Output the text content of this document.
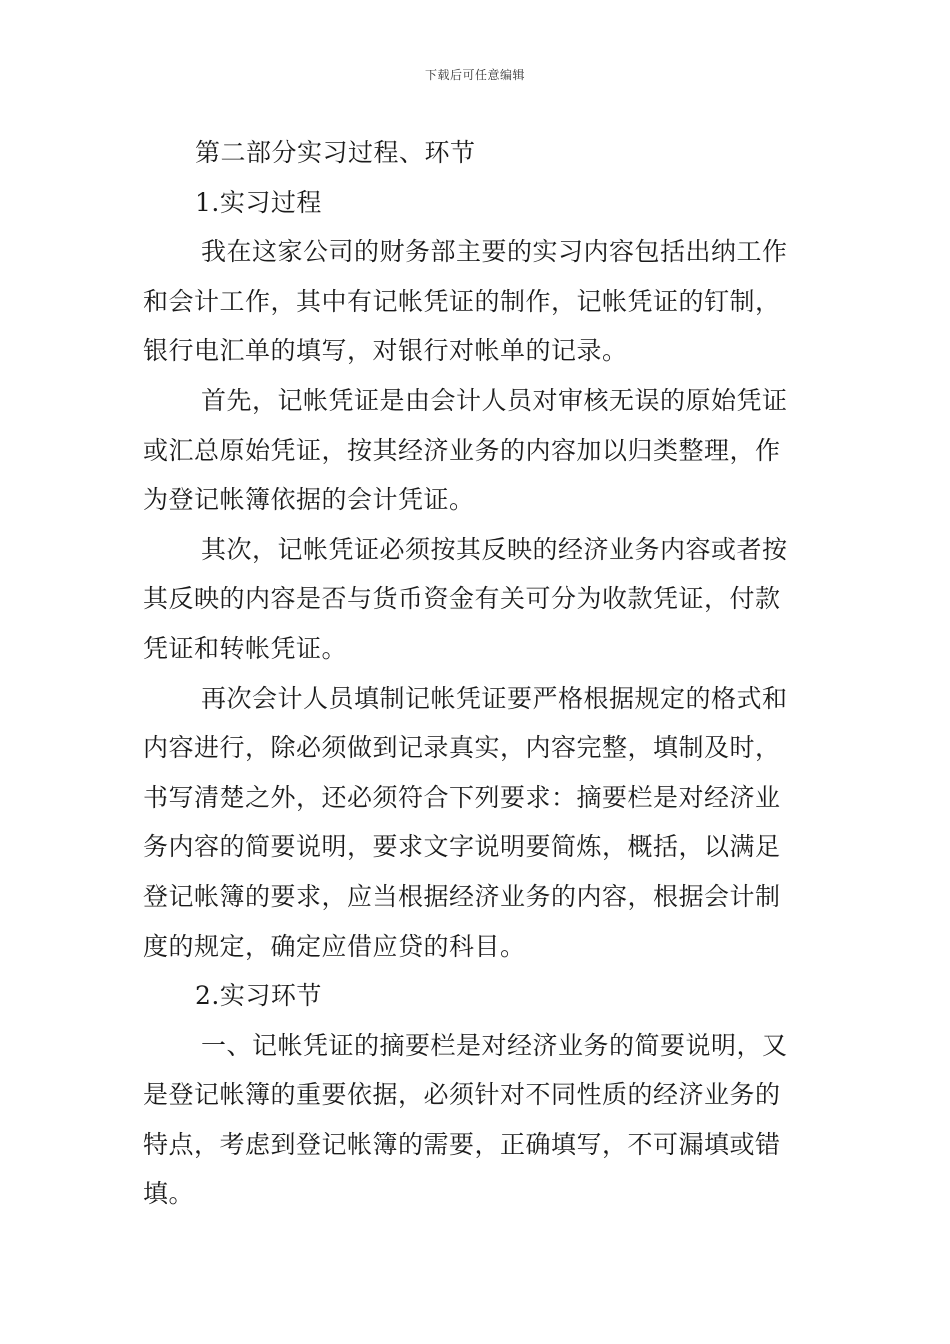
下载后可任意编辑
第二部分实习过程、环节
1.实习过程
我在这家公司的财务部主要的实习内容包括出纳工作
和会计工作，其中有记帐凭证的制作，记帐凭证的钉制，
银行电汇单的填写，对银行对帐单的记录。
首先，记帐凭证是由会计人员对审核无误的原始凭证
或汇总原始凭证，按其经济业务的内容加以归类整理，作
为登记帐簿依据的会计凭证。
其次，记帐凭证必须按其反映的经济业务内容或者按
其反映的内容是否与货币资金有关可分为收款凭证，付款
凭证和转帐凭证。
再次会计人员填制记帐凭证要严格根据规定的格式和
内容进行，除必须做到记录真实，内容完整，填制及时，
书写清楚之外，还必须符合下列要求：摘要栏是对经济业
务内容的简要说明，要求文字说明要简炼，概括，以满足
登记帐簿的要求，应当根据经济业务的内容，根据会计制
度的规定，确定应借应贷的科目。
2.实习环节
一、记帐凭证的摘要栏是对经济业务的简要说明，又
是登记帐簿的重要依据，必须针对不同性质的经济业务的
特点，考虑到登记帐簿的需要，正确填写，不可漏填或错
填。
